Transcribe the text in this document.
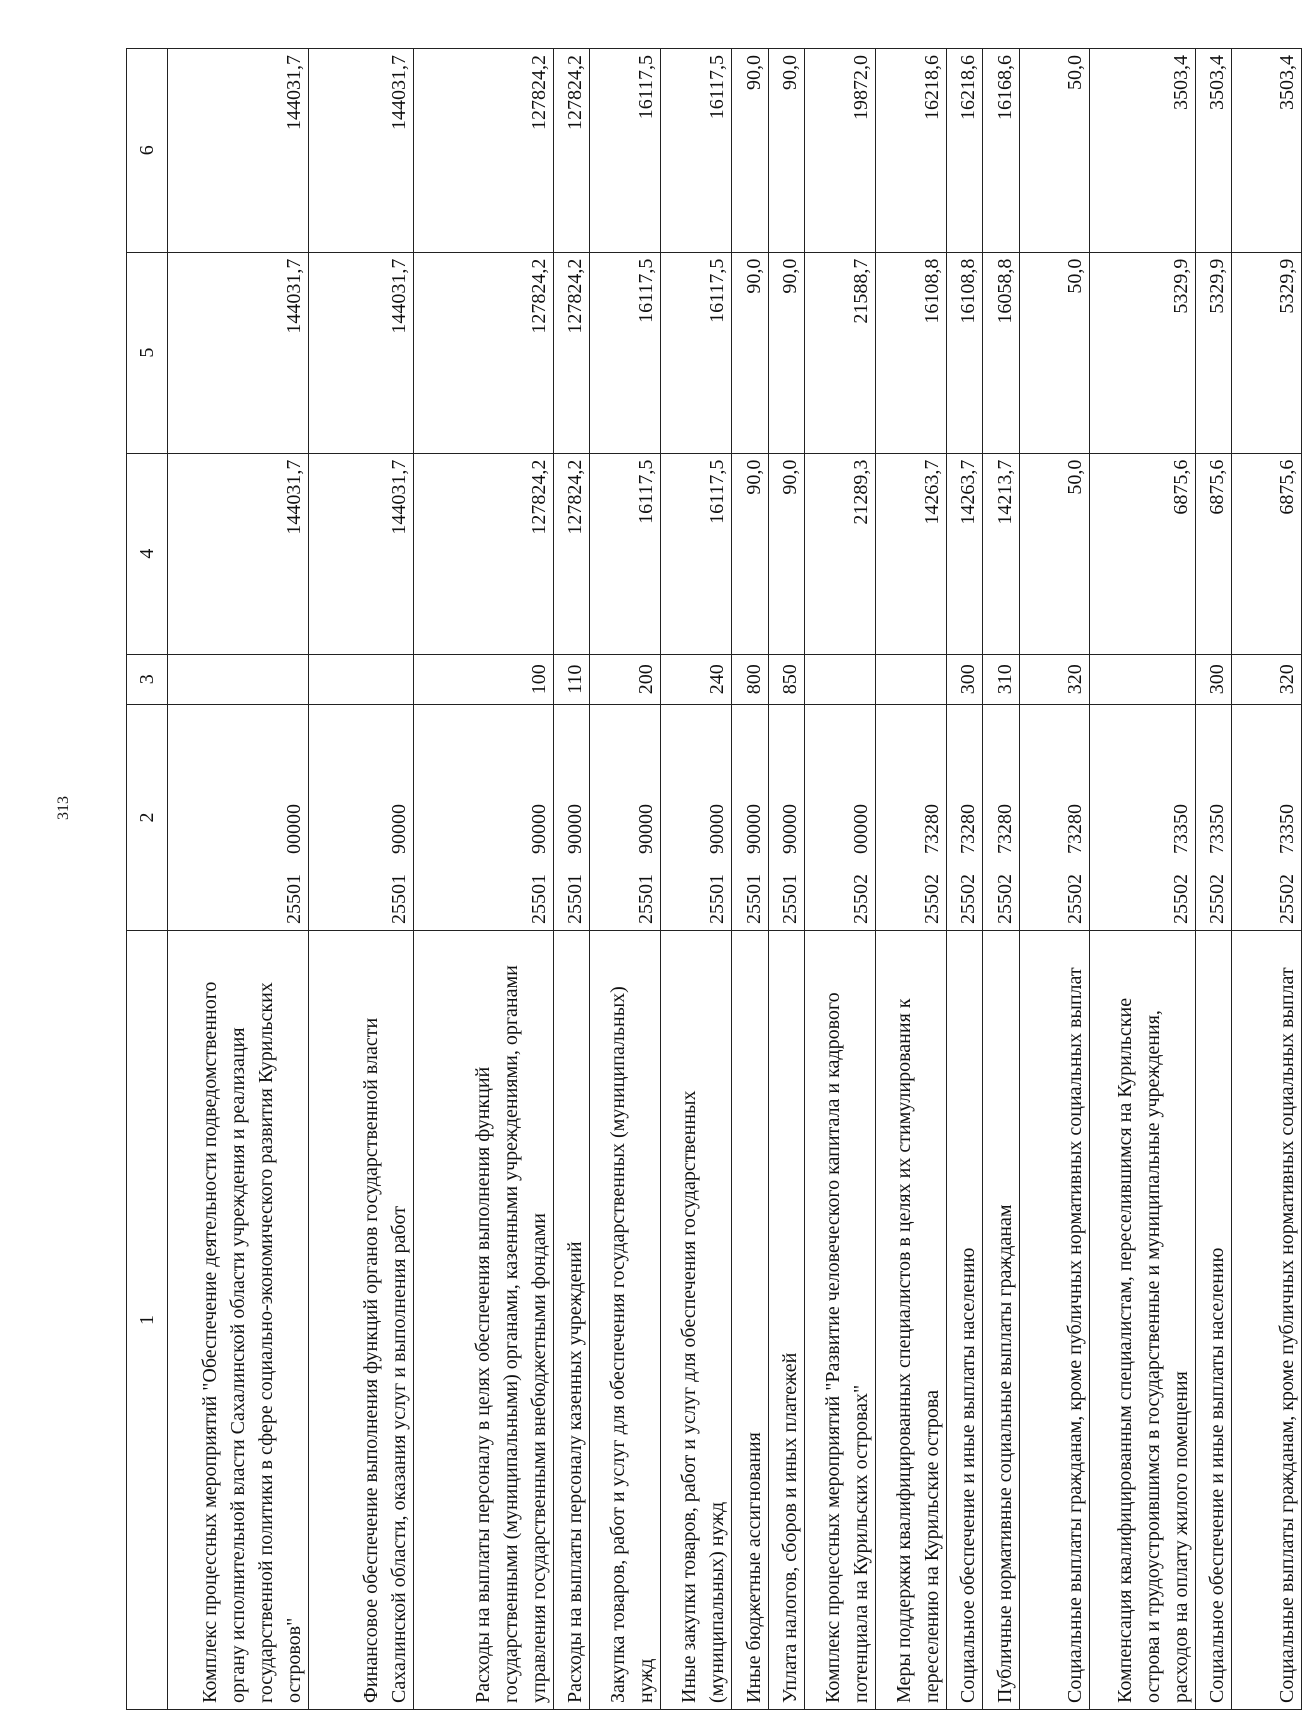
313
1	2	3	4	5	6
Комплекс процессных мероприятий "Обеспечение деятельности подведомственного органу исполнительной власти Сахалинской области учреждения и реализация государственной политики в сфере социально-экономического развития Курильских островов"	2550100000		144031,7	144031,7	144031,7
Финансовое обеспечение выполнения функций органов государственной власти Сахалинской области, оказания услуг и выполнения работ	2550190000		144031,7	144031,7	144031,7
Расходы на выплаты персоналу в целях обеспечения выполнения функций государственными (муниципальными) органами, казенными учреждениями, органами управления государственными внебюджетными фондами	2550190000	100	127824,2	127824,2	127824,2
Расходы на выплаты персоналу казенных учреждений	2550190000	110	127824,2	127824,2	127824,2
Закупка товаров, работ и услуг для обеспечения государственных (муниципальных) нужд	2550190000	200	16117,5	16117,5	16117,5
Иные закупки товаров, работ и услуг для обеспечения государственных (муниципальных) нужд	2550190000	240	16117,5	16117,5	16117,5
Иные бюджетные ассигнования	2550190000	800	90,0	90,0	90,0
Уплата налогов, сборов и иных платежей	2550190000	850	90,0	90,0	90,0
Комплекс процессных мероприятий "Развитие человеческого капитала и кадрового потенциала на Курильских островах"	2550200000		21289,3	21588,7	19872,0
Меры поддержки квалифицированных специалистов в целях их стимулирования к переселению на Курильские острова	2550273280		14263,7	16108,8	16218,6
Социальное обеспечение и иные выплаты населению	2550273280	300	14263,7	16108,8	16218,6
Публичные нормативные социальные выплаты гражданам	2550273280	310	14213,7	16058,8	16168,6
Социальные выплаты гражданам, кроме публичных нормативных социальных выплат	2550273280	320	50,0	50,0	50,0
Компенсация квалифицированным специалистам, переселившимся на Курильские острова и трудоустроившимся в государственные и муниципальные учреждения, расходов на оплату жилого помещения	2550273350		6875,6	5329,9	3503,4
Социальное обеспечение и иные выплаты населению	2550273350	300	6875,6	5329,9	3503,4
Социальные выплаты гражданам, кроме публичных нормативных социальных выплат	2550273350	320	6875,6	5329,9	3503,4
